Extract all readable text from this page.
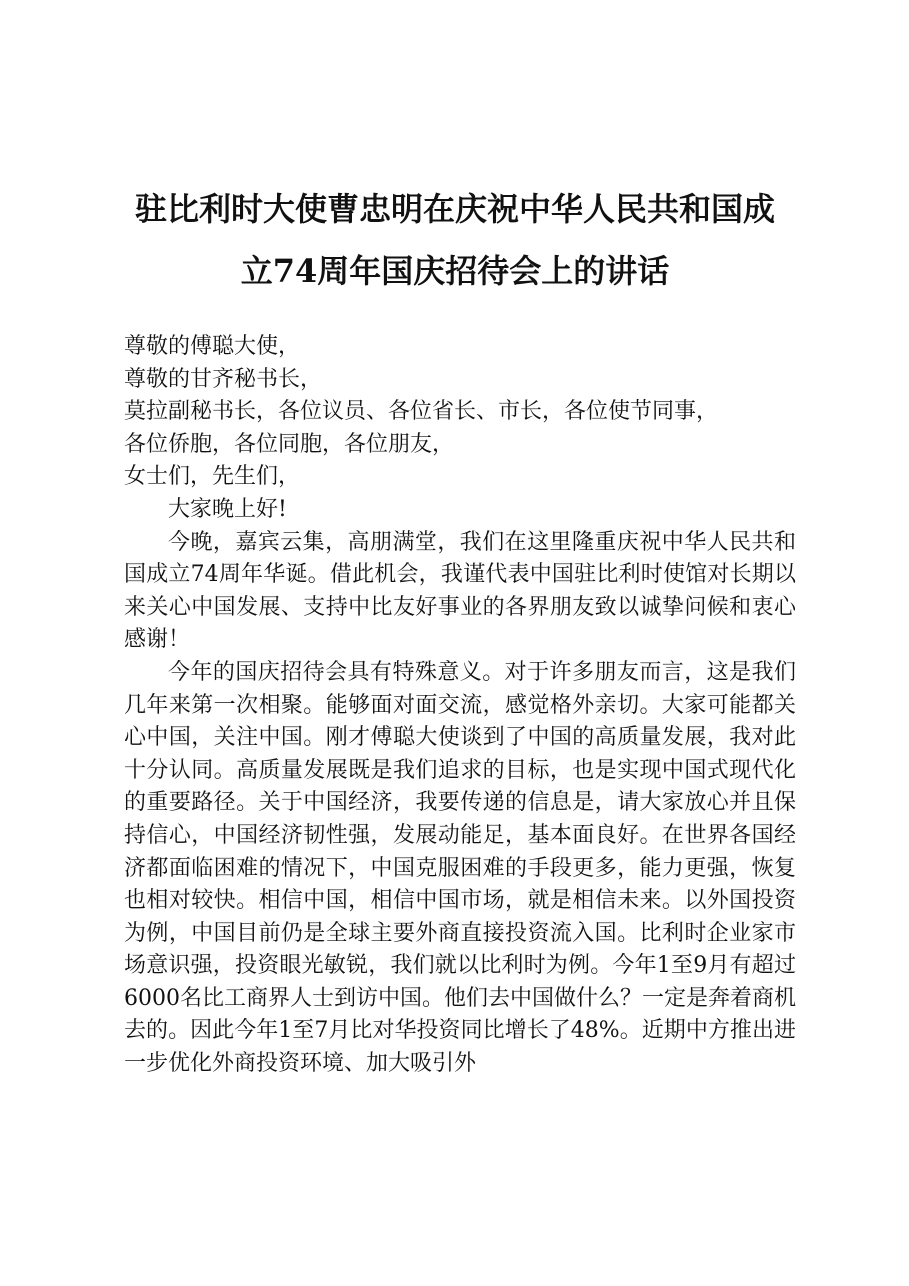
驻比利时大使曹忠明在庆祝中华人民共和国成
立74周年国庆招待会上的讲话

尊敬的傅聪大使，

尊敬的甘齐秘书长，

莫拉副秘书长，各位议员、各位省长、市长，各位使节同事，

各位侨胞，各位同胞，各位朋友，

女士们，先生们，

大家晚上好!

今晚，嘉宾云集，高朋满堂，我们在这里隆重庆祝中华人民共和国成立74周年华诞。借此机会，我谨代表中国驻比利时使馆对长期以来关心中国发展、支持中比友好事业的各界朋友致以诚挚问候和衷心感谢！

今年的国庆招待会具有特殊意义。对于许多朋友而言，这是我们几年来第一次相聚。能够面对面交流，感觉格外亲切。大家可能都关心中国，关注中国。刚才傅聪大使谈到了中国的高质量发展，我对此十分认同。高质量发展既是我们追求的目标，也是实现中国式现代化的重要路径。关于中国经济，我要传递的信息是，请大家放心并且保持信心，中国经济韧性强，发展动能足，基本面良好。在世界各国经济都面临困难的情况下，中国克服困难的手段更多，能力更强，恢复也相对较快。相信中国，相信中国市场，就是相信未来。以外国投资为例，中国目前仍是全球主要外商直接投资流入国。比利时企业家市场意识强，投资眼光敏锐，我们就以比利时为例。今年1至9月有超过6000名比工商界人士到访中国。他们去中国做什么？一定是奔着商机去的。因此今年1至7月比对华投资同比增长了48%。近期中方推出进一步优化外商投资环境、加大吸引外
